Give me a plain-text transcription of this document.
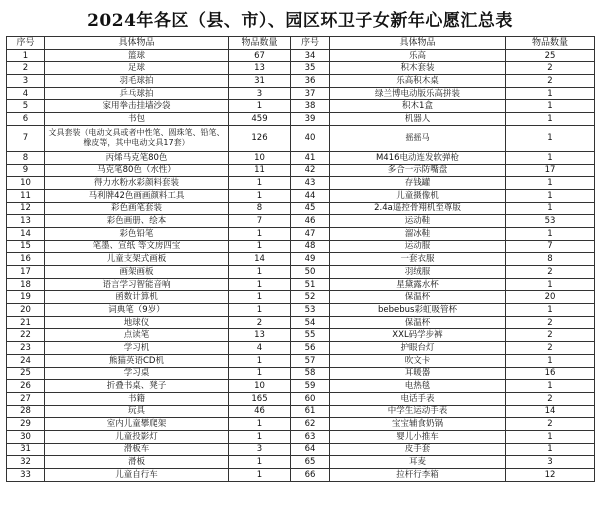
2024年各区（县、市）、园区环卫子女新年心愿汇总表
序号	具体物品	物品数量	序号	具体物品	物品数量
1	篮球	67	34	乐高	25
2	足球	13	35	积木套装	2
3	羽毛球拍	31	36	乐高积木桌	2
4	乒乓球拍	3	37	绿兰博电动版乐高拼装	1
5	家用拳击挂墙沙袋	1	38	积木1盒	1
6	书包	459	39	机器人	1
7	文具套装（电动文具或者中性笔、圆珠笔、铅笔、橡皮等，其中电动文具17套）	126	40	摇摇马	1
8	丙烯马克笔80色	10	41	M416电动连发软弹枪	1
9	马克笔80色（水性）	11	42	多合一示防嘴盘	17
10	得力水粉水彩颜料套装	1	43	存钱罐	1
11	马利牌42色画画颜料工具	1	44	儿童摄像机	1
12	彩色画笔套装	8	45	2.4a遥控骨翔机至尊版	1
13	彩色画册、绘本	7	46	运动鞋	53
14	彩色铅笔	1	47	溜冰鞋	1
15	笔墨、宣纸 等文房四宝	1	48	运动服	7
16	儿童支架式画板	14	49	一套衣服	8
17	画架画板	1	50	羽绒服	2
18	语言学习智能音响	1	51	星黛露水杯	1
19	函数计算机	1	52	保温杯	20
20	词典笔（9岁）	1	53	bebebus彩虹吸管杯	1
21	地球仪	2	54	保温杯	2
22	点读笔	13	55	XXL码学步裤	2
23	学习机	4	56	护眼台灯	2
24	熊猫英语CD机	1	57	吹文卡	1
25	学习桌	1	58	耳暖器	16
26	折叠书桌、凳子	10	59	电热毯	1
27	书籍	165	60	电话手表	2
28	玩具	46	61	中学生运动手表	14
29	室内儿童攀爬架	1	62	宝宝辅食奶锅	2
30	儿童投影灯	1	63	婴儿小推车	1
31	滑板车	3	64	皮手套	1
32	滑板	1	65	耳麦	3
33	儿童自行车	1	66	拉杆行李箱	12
